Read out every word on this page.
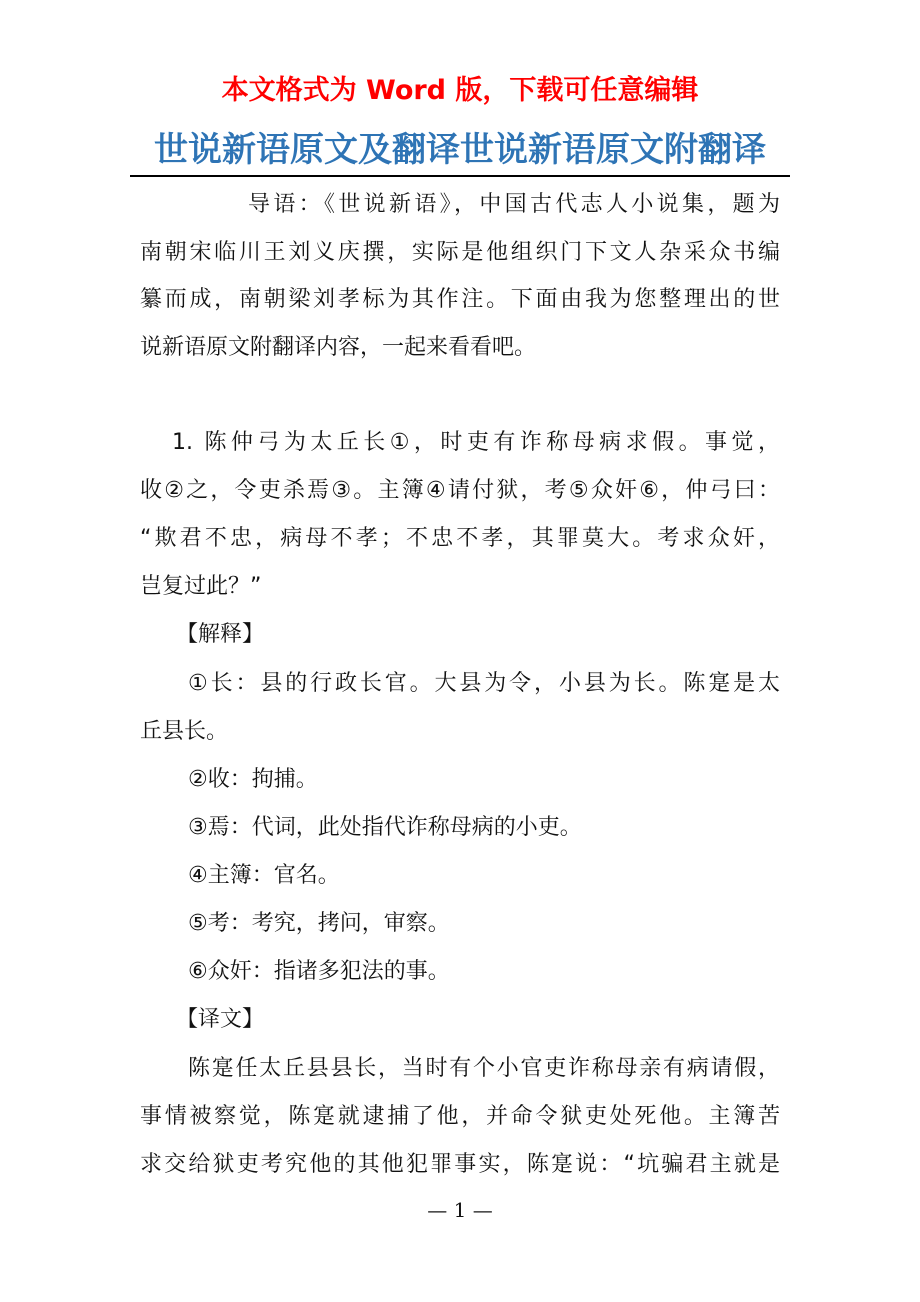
本文格式为 Word 版，下载可任意编辑
世说新语原文及翻译世说新语原文附翻译
导语：《世说新语》，中国古代志人小说集，题为
南朝宋临川王刘义庆撰，实际是他组织门下文人杂采众书编
纂而成，南朝梁刘孝标为其作注。下面由我为您整理出的世
说新语原文附翻译内容，一起来看看吧。
1. 陈仲弓为太丘长①，时吏有诈称母病求假。事觉，
收②之，令吏杀焉③。主簿④请付狱，考⑤众奸⑥，仲弓曰：
“欺君不忠，病母不孝；不忠不孝，其罪莫大。考求众奸，
岂复过此？”
【解释】
①长：县的行政长官。大县为令，小县为长。陈寔是太
丘县长。
②收：拘捕。
③焉：代词，此处指代诈称母病的小吏。
④主簿：官名。
⑤考：考究，拷问，审察。
⑥众奸：指诸多犯法的事。
【译文】
陈寔任太丘县县长，当时有个小官吏诈称母亲有病请假，
事情被察觉，陈寔就逮捕了他，并命令狱吏处死他。主簿苦
求交给狱吏考究他的其他犯罪事实，陈寔说：“坑骗君主就是
— 1 —
